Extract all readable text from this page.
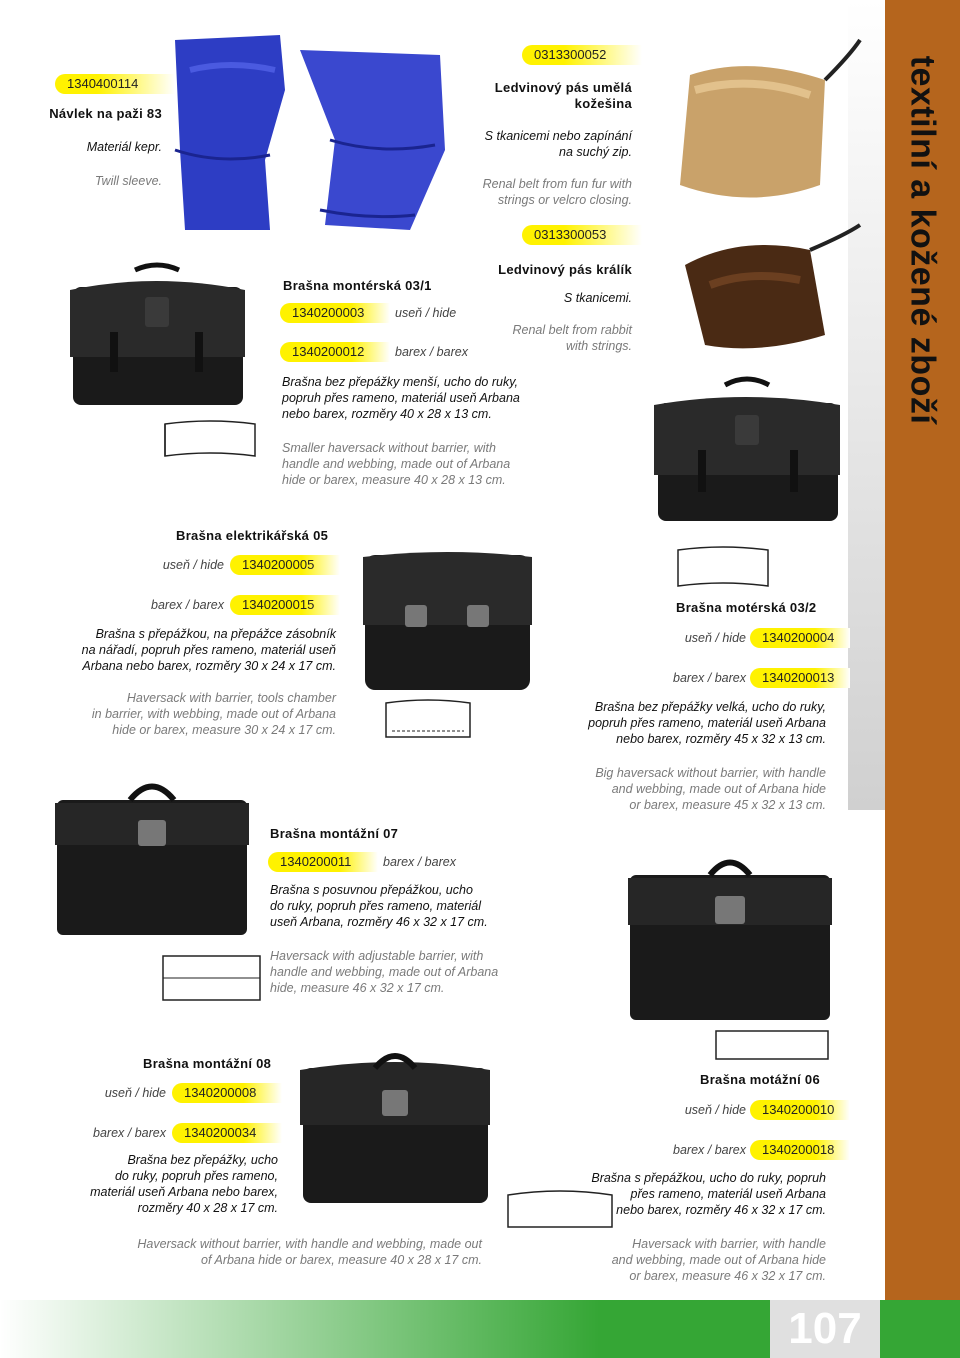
textilní a kožené zboží
1340400114
Návlek na paži 83
Materiál kepr.
Twill sleeve.
0313300052
Ledvinový pás umělá
kožešina
S tkanicemi nebo zapínání
na suchý zip.
Renal belt from fun fur with
strings or velcro closing.
0313300053
Ledvinový pás králík
S tkanicemi.
Renal belt from rabbit
with strings.
Brašna montérská 03/1
1340200003	useň / hide
1340200012	barex / barex
Brašna bez přepážky menší, ucho do ruky,
popruh přes rameno, materiál useň Arbana
nebo barex, rozměry 40 x 28 x 13 cm.
Smaller haversack without barrier, with
handle and webbing, made out of Arbana
hide or barex, measure 40 x 28 x 13 cm.
Brašna elektrikářská 05
useň / hide	1340200005
barex / barex	1340200015
Brašna s přepážkou, na přepážce zásobník
na nářadí, popruh přes rameno, materiál useň
Arbana nebo barex, rozměry 30 x 24 x 17 cm.
Haversack with barrier, tools chamber
in barrier, with webbing, made out of Arbana
hide or barex, measure 30 x 24 x 17 cm.
Brašna motérská 03/2
useň / hide	1340200004
barex / barex	1340200013
Brašna bez přepážky velká, ucho do ruky,
popruh přes rameno, materiál useň Arbana
nebo barex, rozměry 45 x 32 x 13 cm.
Big haversack without barrier, with handle
and webbing, made out of Arbana hide
or barex, measure 45 x 32 x 13 cm.
Brašna montážní 07
1340200011	barex / barex
Brašna s posuvnou přepážkou, ucho
do ruky, popruh přes rameno, materiál
useň Arbana, rozměry 46 x 32 x 17 cm.
Haversack with adjustable barrier, with
handle and webbing, made out of Arbana
hide, measure 46 x 32 x 17 cm.
Brašna montážní 08
useň / hide	1340200008
barex / barex	1340200034
Brašna bez přepážky, ucho
do ruky, popruh přes rameno,
materiál useň Arbana nebo barex,
rozměry 40 x 28 x 17 cm.
Haversack without barrier, with handle and webbing, made out
of Arbana hide or barex, measure 40 x 28 x 17 cm.
Brašna motážní 06
useň / hide	1340200010
barex / barex	1340200018
Brašna s přepážkou, ucho do ruky, popruh
přes rameno, materiál useň Arbana
nebo barex, rozměry 46 x 32 x 17 cm.
Haversack with barrier, with handle
and webbing, made out of Arbana hide
or barex, measure 46 x 32 x 17 cm.
107
